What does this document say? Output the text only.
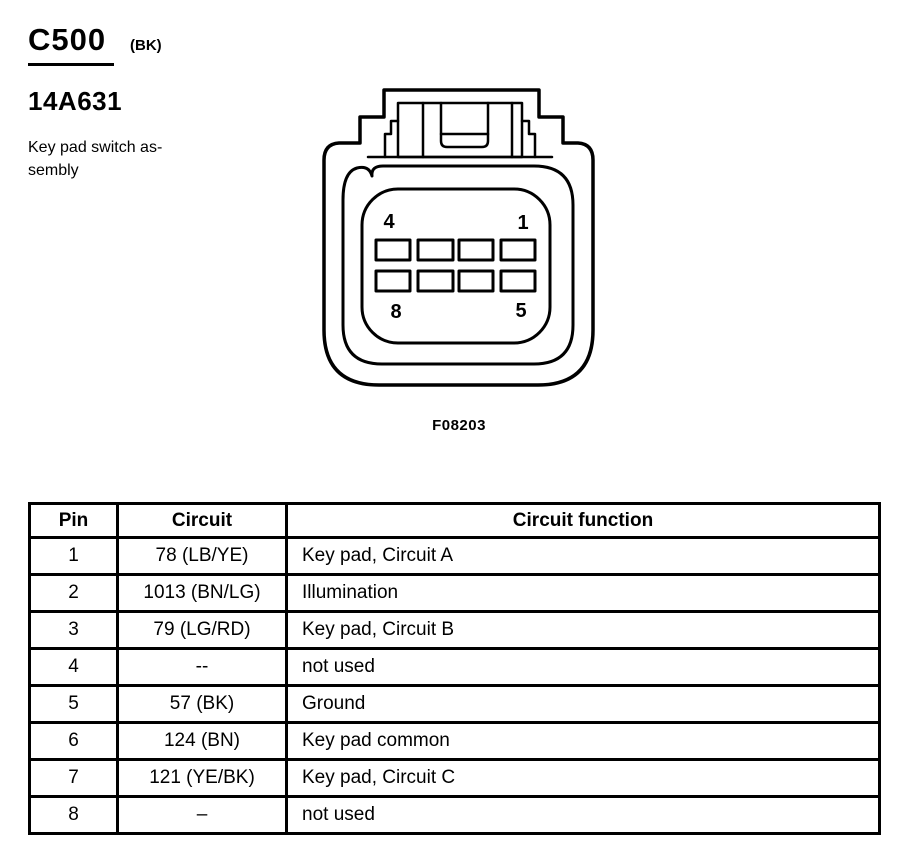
C500	(BK)
14A631
Key pad switch as-
sembly
4	1
8	5
F08203
Pin	Circuit	Circuit function
1	78 (LB/YE)	Key pad, Circuit A
2	1013 (BN/LG)	Illumination
3	79 (LG/RD)	Key pad, Circuit B
4	--	not used
5	57 (BK)	Ground
6	124 (BN)	Key pad common
7	121 (YE/BK)	Key pad, Circuit C
8	–	not used
